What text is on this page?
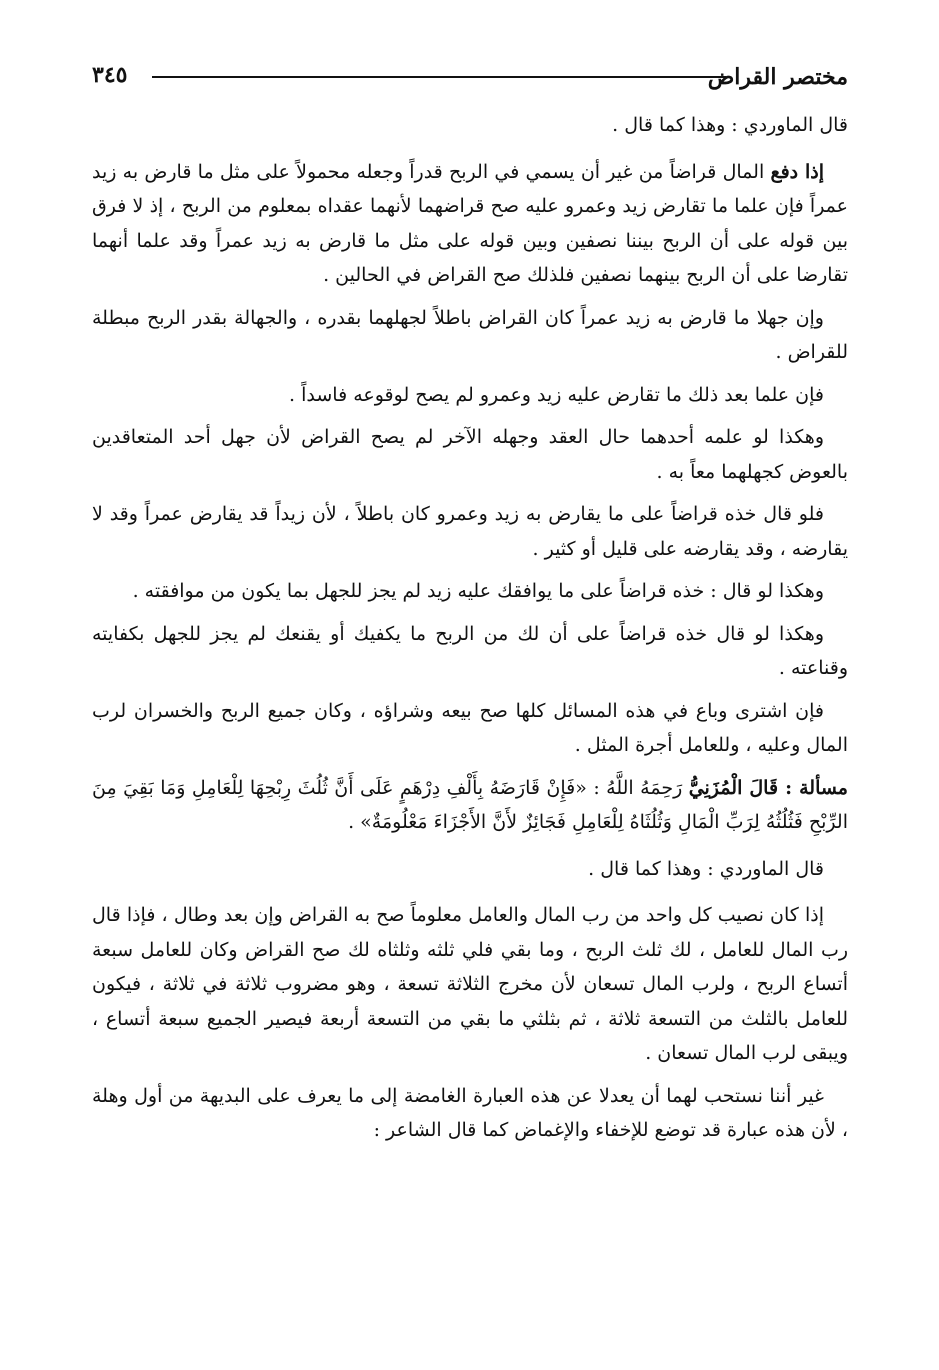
مختصر القراض
٣٤٥

قال الماوردي : وهذا كما قال .

إذا دفع المال قراضاً من غير أن يسمي في الربح قدراً وجعله محمولاً على مثل ما قارض به زيد عمراً فإن علما ما تقارض زيد وعمرو عليه صح قراضهما لأنهما عقداه بمعلوم من الربح ، إذ لا فرق بين قوله على أن الربح بيننا نصفين وبين قوله على مثل ما قارض به زيد عمراً وقد علما أنهما تقارضا على أن الربح بينهما نصفين فلذلك صح القراض في الحالين .

وإن جهلا ما قارض به زيد عمراً كان القراض باطلاً لجهلهما بقدره ، والجهالة بقدر الربح مبطلة للقراض .

فإن علما بعد ذلك ما تقارض عليه زيد وعمرو لم يصح لوقوعه فاسداً .

وهكذا لو علمه أحدهما حال العقد وجهله الآخر لم يصح القراض لأن جهل أحد المتعاقدين بالعوض كجهلهما معاً به .

فلو قال خذه قراضاً على ما يقارض به زيد وعمرو كان باطلاً ، لأن زيداً قد يقارض عمراً وقد لا يقارضه ، وقد يقارضه على قليل أو كثير .

وهكذا لو قال : خذه قراضاً على ما يوافقك عليه زيد لم يجز للجهل بما يكون من موافقته .

وهكذا لو قال خذه قراضاً على أن لك من الربح ما يكفيك أو يقنعك لم يجز للجهل بكفايته وقناعته .

فإن اشترى وباع في هذه المسائل كلها صح بيعه وشراؤه ، وكان جميع الربح والخسران لرب المال وعليه ، وللعامل أجرة المثل .

مسألة : قَالَ الْمُزَنِيُّ رَحِمَهُ اللَّهُ : «فَإِنْ قَارَضَهُ بِأَلْفِ دِرْهَمٍ عَلَى أَنَّ ثُلُثَ رِبْحِهَا لِلْعَامِلِ وَمَا بَقِيَ مِنَ الرِّبْحِ فَثُلُثُهُ لِرَبِّ الْمَالِ وَثُلُثَاهُ لِلْعَامِلِ فَجَائِزٌ لأَنَّ الأَجْزَاءَ مَعْلُومَةٌ» .

قال الماوردي : وهذا كما قال .

إذا كان نصيب كل واحد من رب المال والعامل معلوماً صح به القراض وإن بعد وطال ، فإذا قال رب المال للعامل ، لك ثلث الربح ، وما بقي فلي ثلثه وثلثاه لك صح القراض وكان للعامل سبعة أتساع الربح ، ولرب المال تسعان لأن مخرج الثلاثة تسعة ، وهو مضروب ثلاثة في ثلاثة ، فيكون للعامل بالثلث من التسعة ثلاثة ، ثم بثلثي ما بقي من التسعة أربعة فيصير الجميع سبعة أتساع ، ويبقى لرب المال تسعان .

غير أننا نستحب لهما أن يعدلا عن هذه العبارة الغامضة إلى ما يعرف على البديهة من أول وهلة ، لأن هذه عبارة قد توضع للإخفاء والإغماض كما قال الشاعر :
